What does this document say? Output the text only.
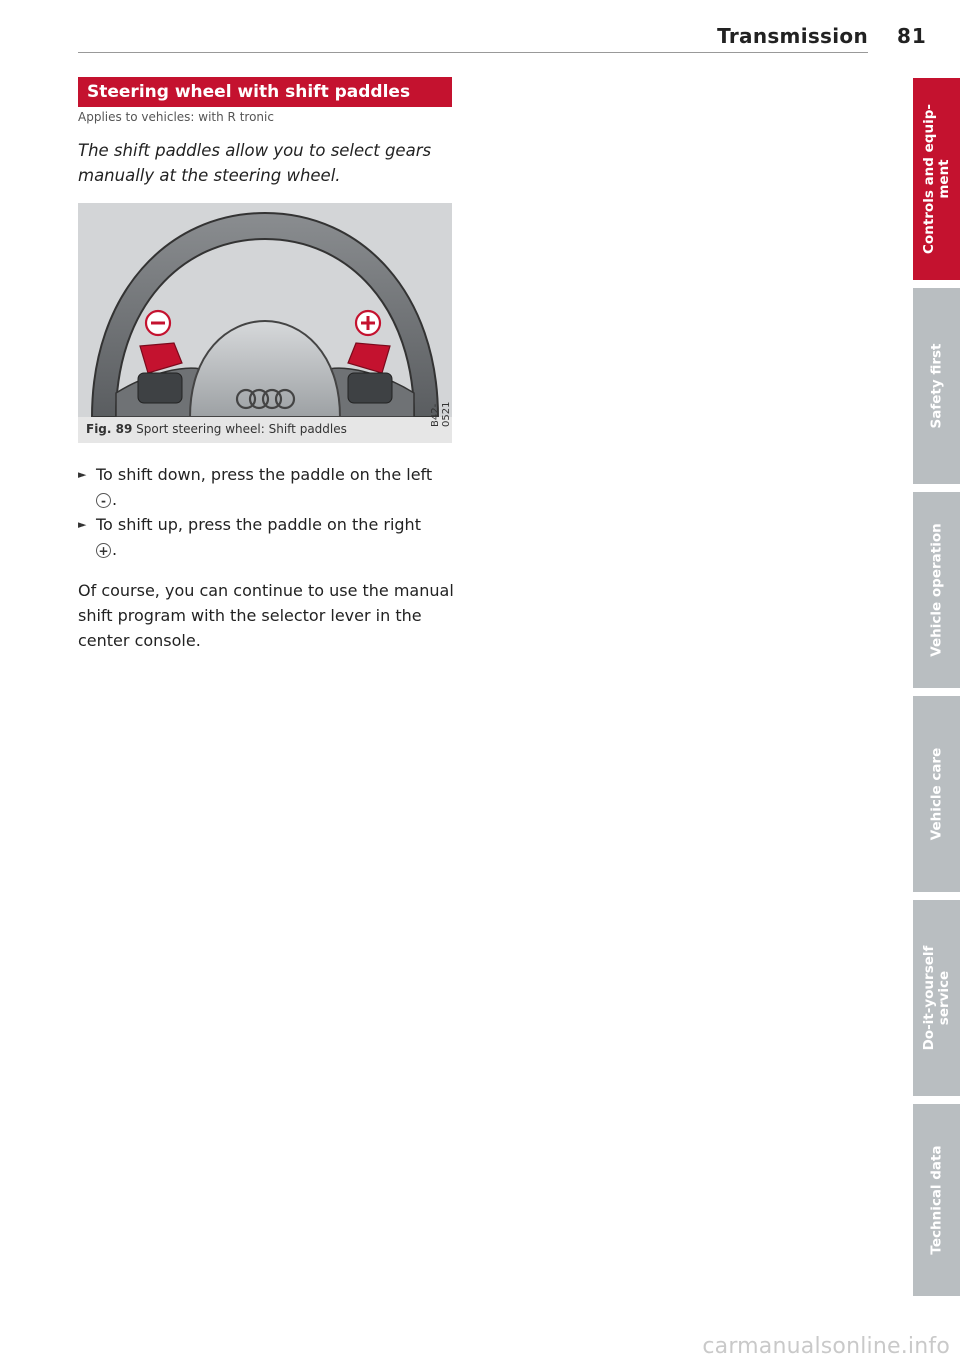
Transmission 81
Steering wheel with shift paddles
Applies to vehicles: with R tronic
The shift paddles allow you to select gears manually at the steering wheel.
B42-0521
Fig. 89 Sport steering wheel: Shift paddles
► To shift down, press the paddle on the left
- .
► To shift up, press the paddle on the right
+ .
Of course, you can continue to use the manual shift program with the selector lever in the center console.
Controls and equip-
ment
Safety first
Vehicle operation
Vehicle care
Do-it-yourself
service
Technical data
carmanualsonline.info
